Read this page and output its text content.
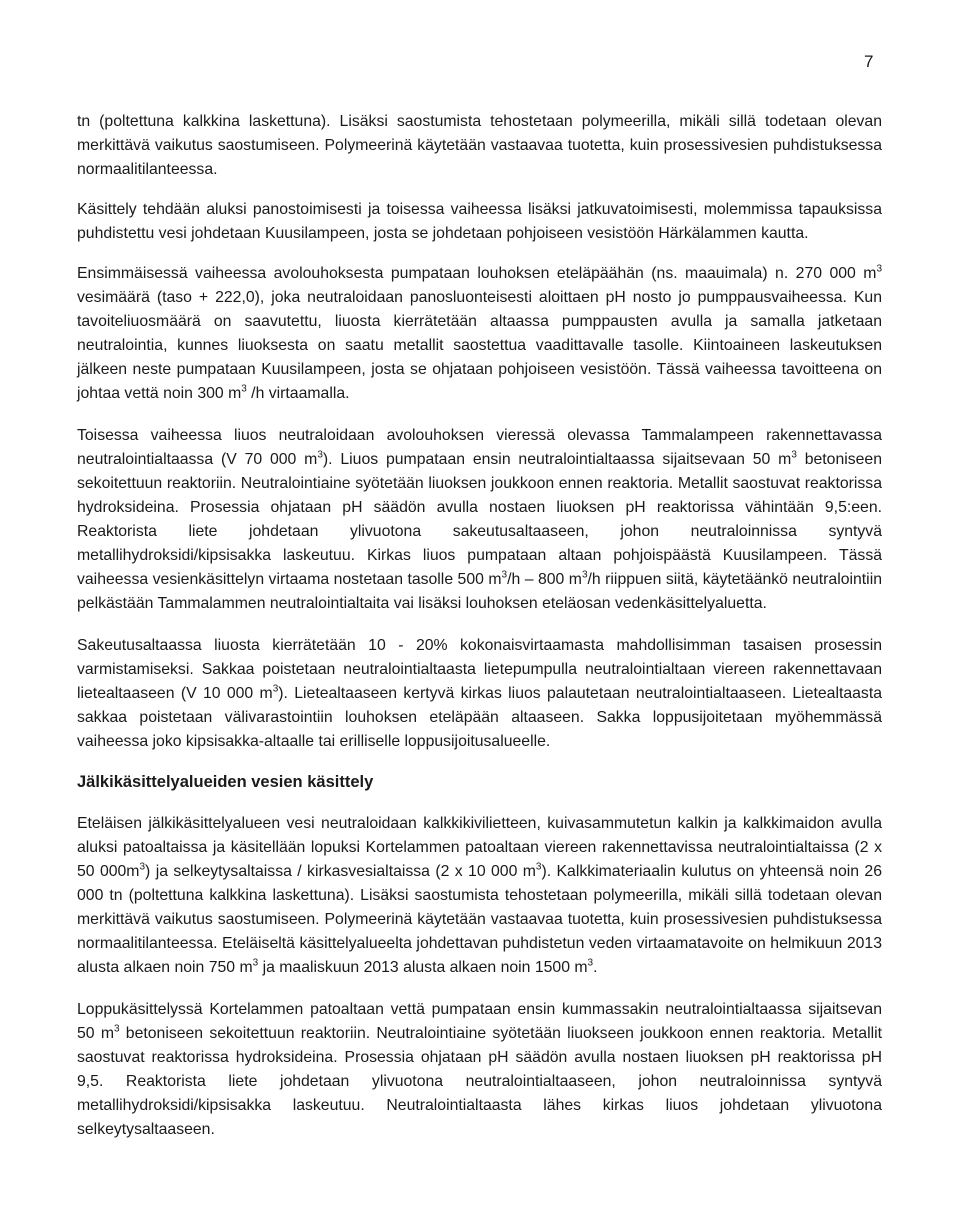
7

tn (poltettuna kalkkina laskettuna). Lisäksi saostumista tehostetaan polymeerilla, mikäli sillä todetaan olevan merkittävä vaikutus saostumiseen. Polymeerinä käytetään vastaavaa tuotetta, kuin prosessivesien puhdistuksessa normaalitilanteessa.

Käsittely tehdään aluksi panostoimisesti ja toisessa vaiheessa lisäksi jatkuvatoimisesti, molemmissa tapauksissa puhdistettu vesi johdetaan Kuusilampeen, josta se johdetaan pohjoiseen vesistöön Härkälammen kautta.

Ensimmäisessä vaiheessa avolouhoksesta pumpataan louhoksen eteläpäähän (ns. maauimala) n. 270 000 $m^3$ vesimäärä (taso + 222,0), joka neutraloidaan panosluonteisesti aloittaen pH nosto jo pumppausvaiheessa. Kun tavoiteliuosmäärä on saavutettu, liuosta kierrätetään altaassa pumppausten avulla ja samalla jatketaan neutralointia, kunnes liuoksesta on saatu metallit saostettua vaadittavalle tasolle. Kiintoaineen laskeutuksen jälkeen neste pumpataan Kuusilampeen, josta se ohjataan pohjoiseen vesistöön. Tässä vaiheessa tavoitteena on johtaa vettä noin 300 $m^3$ /h virtaamalla.

Toisessa vaiheessa liuos neutraloidaan avolouhoksen vieressä olevassa Tammalampeen rakennettavassa neutralointialtaassa (V 70 000 $m^3$). Liuos pumpataan ensin neutralointialtaassa sijaitsevaan 50 $m^3$ betoniseen sekoitettuun reaktoriin. Neutralointiaine syötetään liuoksen joukkoon ennen reaktoria. Metallit saostuvat reaktorissa hydroksideina. Prosessia ohjataan pH säädön avulla nostaen liuoksen pH reaktorissa vähintään 9,5:een. Reaktorista liete johdetaan ylivuotona sakeutusaltaaseen, johon neutraloinnissa syntyvä metallihydroksidi/kipsisakka laskeutuu. Kirkas liuos pumpataan altaan pohjoispäästä Kuusilampeen. Tässä vaiheessa vesienkäsittelyn virtaama nostetaan tasolle 500 $m^3/h - 800$ $m^3/h$ riippuen siitä, käytetäänkö neutralointiin pelkästään Tammalammen neutralointialtaita vai lisäksi louhoksen eteläosan vedenkäsittelyaluetta.

Sakeutusaltaassa liuosta kierrätetään 10 - 20% kokonaisvirtaamasta mahdollisimman tasaisen prosessin varmistamiseksi. Sakkaa poistetaan neutralointialtaasta lietepumpulla neutralointialtaan viereen rakennettavaan lietealtaaseen (V 10 000 $m^3$). Lietealtaaseen kertyvä kirkas liuos palautetaan neutralointialtaaseen. Lietealtaasta sakkaa poistetaan välivarastointiin louhoksen eteläpään altaaseen. Sakka loppusijoitetaan myöhemmässä vaiheessa joko kipsisakka-altaalle tai erilliselle loppusijoitusalueelle.

Jälkikäsittelyalueiden vesien käsittely

Eteläisen jälkikäsittelyalueen vesi neutraloidaan kalkkikivilietteen, kuivasammutetun kalkin ja kalkkimaidon avulla aluksi patoaltaissa ja käsitellään lopuksi Kortelammen patoaltaan viereen rakennettavissa neutralointialtaissa (2 x 50 $000m^3$) ja selkeytysaltaissa / kirkasvesialtaissa (2 x 10 000 $m^3$). Kalkkimateriaalin kulutus on yhteensä noin 26 000 tn (poltettuna kalkkina laskettuna). Lisäksi saostumista tehostetaan polymeerilla, mikäli sillä todetaan olevan merkittävä vaikutus saostumiseen. Polymeerinä käytetään vastaavaa tuotetta, kuin prosessivesien puhdistuksessa normaalitilanteessa. Eteläiseltä käsittelyalueelta johdettavan puhdistetun veden virtaamatavoite on helmikuun 2013 alusta alkaen noin 750 $m^3$ ja maaliskuun 2013 alusta alkaen noin 1500 $m^3$.

Loppukäsittelyssä Kortelammen patoaltaan vettä pumpataan ensin kummassakin neutralointialtaassa sijaitsevan 50 $m^3$ betoniseen sekoitettuun reaktoriin. Neutralointiaine syötetään liuokseen joukkoon ennen reaktoria. Metallit saostuvat reaktorissa hydroksideina. Prosessia ohjataan pH säädön avulla nostaen liuoksen pH reaktorissa pH 9,5. Reaktorista liete johdetaan ylivuotona neutralointialtaaseen, johon neutraloinnissa syntyvä metallihydroksidi/kipsisakka laskeutuu. Neutralointialtaasta lähes kirkas liuos johdetaan ylivuotona selkeytysaltaaseen.
